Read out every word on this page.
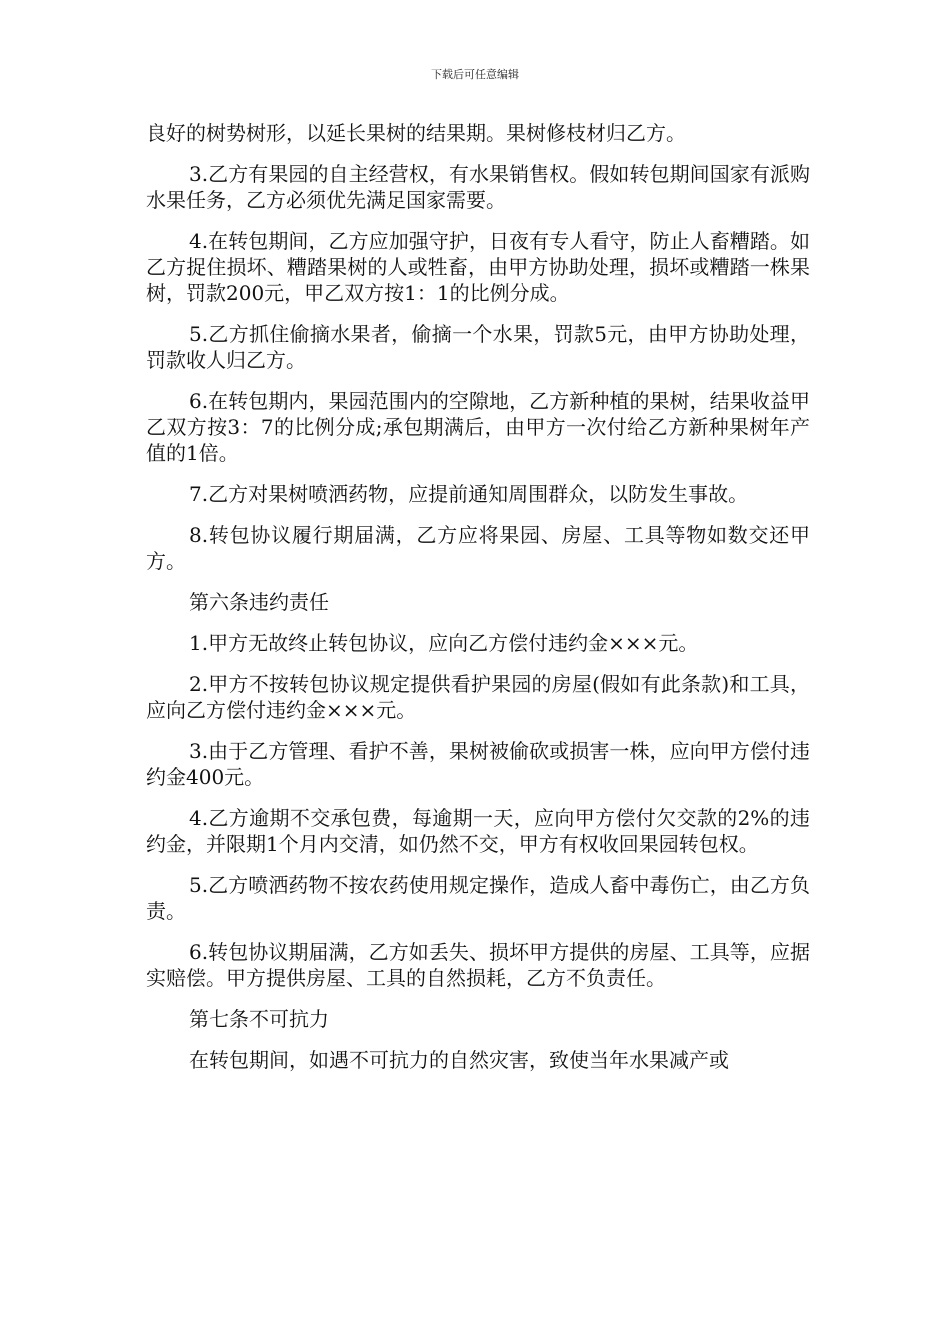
下载后可任意编辑

良好的树势树形，以延长果树的结果期。果树修枝材归乙方。

3.乙方有果园的自主经营权，有水果销售权。假如转包期间国家有派购水果任务，乙方必须优先满足国家需要。

4.在转包期间，乙方应加强守护，日夜有专人看守，防止人畜糟踏。如乙方捉住损坏、糟踏果树的人或牲畜，由甲方协助处理，损坏或糟踏一株果树，罚款200元，甲乙双方按1：1的比例分成。

5.乙方抓住偷摘水果者，偷摘一个水果，罚款5元，由甲方协助处理，罚款收人归乙方。

6.在转包期内，果园范围内的空隙地，乙方新种植的果树，结果收益甲乙双方按3：7的比例分成;承包期满后，由甲方一次付给乙方新种果树年产值的1倍。

7.乙方对果树喷洒药物，应提前通知周围群众，以防发生事故。

8.转包协议履行期届满，乙方应将果园、房屋、工具等物如数交还甲方。

第六条违约责任

1.甲方无故终止转包协议，应向乙方偿付违约金×××元。

2.甲方不按转包协议规定提供看护果园的房屋(假如有此条款)和工具，应向乙方偿付违约金×××元。

3.由于乙方管理、看护不善，果树被偷砍或损害一株，应向甲方偿付违约金400元。

4.乙方逾期不交承包费，每逾期一天，应向甲方偿付欠交款的2%的违约金，并限期1个月内交清，如仍然不交，甲方有权收回果园转包权。

5.乙方喷洒药物不按农药使用规定操作，造成人畜中毒伤亡，由乙方负责。

6.转包协议期届满，乙方如丢失、损坏甲方提供的房屋、工具等，应据实赔偿。甲方提供房屋、工具的自然损耗，乙方不负责任。

第七条不可抗力

在转包期间，如遇不可抗力的自然灾害，致使当年水果减产或
